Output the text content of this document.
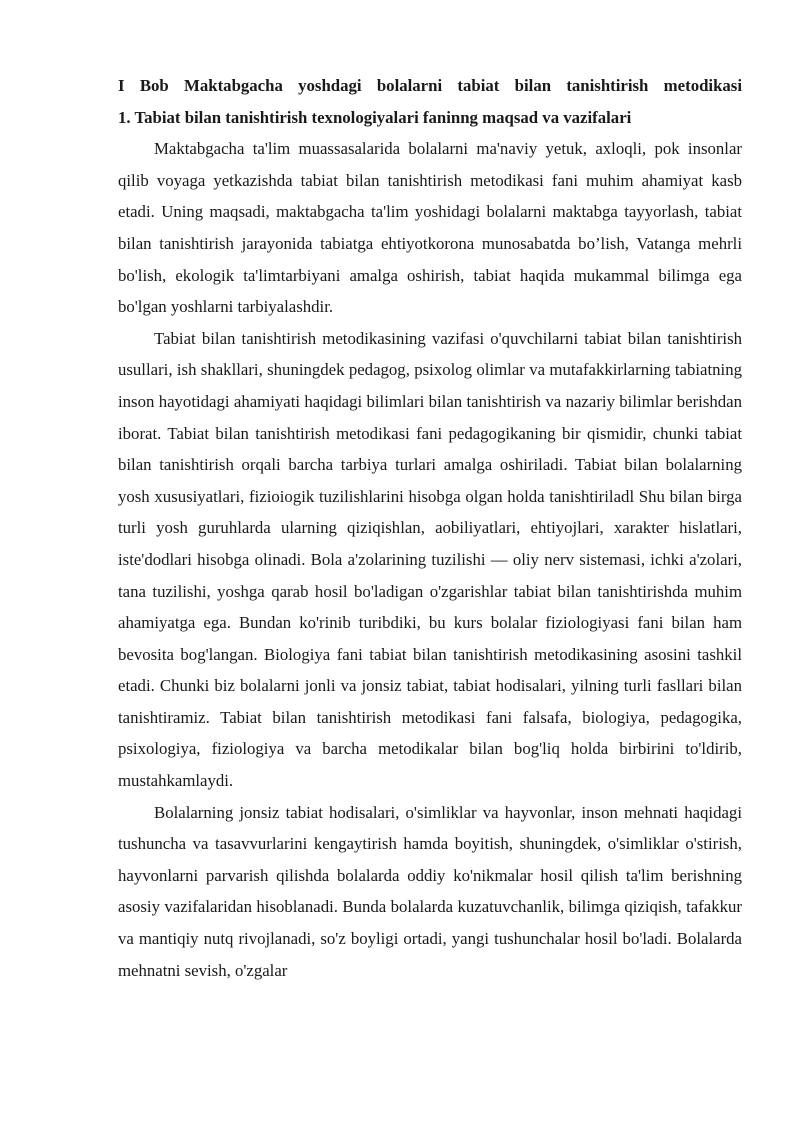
I Bob Maktabgacha yoshdagi bolalarni tabiat bilan tanishtirish metodikasi

1. Tabiat bilan tanishtirish texnologiyalari faninng maqsad va vazifalari

Maktabgacha ta'lim muassasalarida bolalarni ma'naviy yetuk, axloqli, pok insonlar qilib voyaga yetkazishda tabiat bilan tanishtirish metodikasi fani muhim ahamiyat kasb etadi. Uning maqsadi, maktabgacha ta'lim yoshidagi bolalarni maktabga tayyorlash, tabiat bilan tanishtirish jarayonida tabiatga ehtiyotkorona munosabatda bo’lish, Vatanga mehrli bo'lish, ekologik ta'limtarbiyani amalga oshirish, tabiat haqida mukammal bilimga ega bo'lgan yoshlarni tarbiyalashdir.

Tabiat bilan tanishtirish metodikasining vazifasi o'quvchilarni tabiat bilan tanishtirish usullari, ish shakllari, shuningdek pedagog, psixolog olimlar va mutafakkirlarning tabiatning inson hayotidagi ahamiyati haqidagi bilimlari bilan tanishtirish va nazariy bilimlar berishdan iborat. Tabiat bilan tanishtirish metodikasi fani pedagogikaning bir qismidir, chunki tabiat bilan tanishtirish orqali barcha tarbiya turlari amalga oshiriladi. Tabiat bilan bolalarning yosh xususiyatlari, fizioiogik tuzilishlarini hisobga olgan holda tanishtiriladl Shu bilan birga turli yosh guruhlarda ularning qiziqishlan, aobiliyatlari, ehtiyojlari, xarakter hislatlari, iste'dodlari hisobga olinadi. Bola a'zolarining tuzilishi — oliy nerv sistemasi, ichki a'zolari, tana tuzilishi, yoshga qarab hosil bo'ladigan o'zgarishlar tabiat bilan tanishtirishda muhim ahamiyatga ega. Bundan ko'rinib turibdiki, bu kurs bolalar fiziologiyasi fani bilan ham bevosita bog'langan. Biologiya fani tabiat bilan tanishtirish metodikasining asosini tashkil etadi. Chunki biz bolalarni jonli va jonsiz tabiat, tabiat hodisalari, yilning turli fasllari bilan tanishtiramiz. Tabiat bilan tanishtirish metodikasi fani falsafa, biologiya, pedagogika, psixologiya, fiziologiya va barcha metodikalar bilan bog'liq holda birbirini to'ldirib, mustahkamlaydi.

Bolalarning jonsiz tabiat hodisalari, o'simliklar va hayvonlar, inson mehnati haqidagi tushuncha va tasavvurlarini kengaytirish hamda boyitish, shuningdek, o'simliklar o'stirish, hayvonlarni parvarish qilishda bolalarda oddiy ko'nikmalar hosil qilish ta'lim berishning asosiy vazifalaridan hisoblanadi. Bunda bolalarda kuzatuvchanlik, bilimga qiziqish, tafakkur va mantiqiy nutq rivojlanadi, so'z boyligi ortadi, yangi tushunchalar hosil bo'ladi. Bolalarda mehnatni sevish, o'zgalar
